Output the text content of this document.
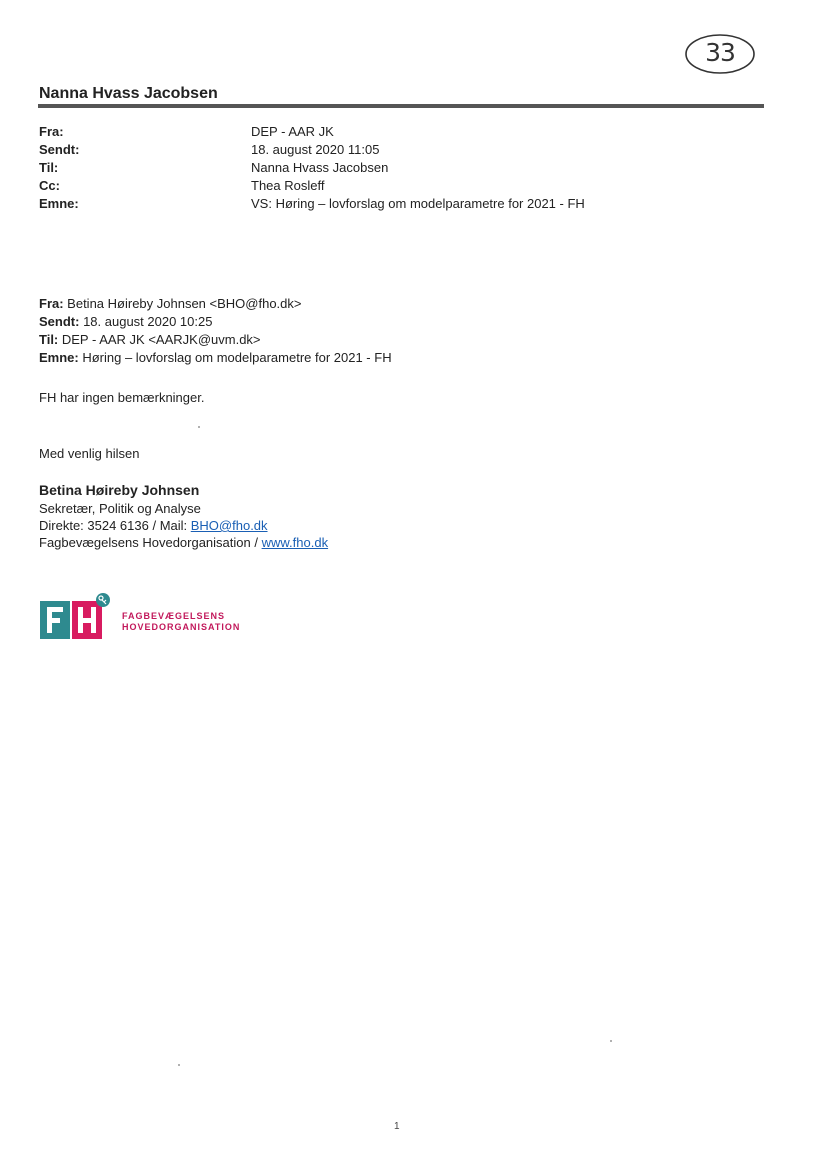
33
Nanna Hvass Jacobsen
Fra:	DEP - AAR JK
Sendt:	18. august 2020 11:05
Til:	Nanna Hvass Jacobsen
Cc:	Thea Rosleff
Emne:	VS: Høring – lovforslag om modelparametre for 2021 - FH
Fra: Betina Høireby Johnsen <BHO@fho.dk>
Sendt: 18. august 2020 10:25
Til: DEP - AAR JK <AARJK@uvm.dk>
Emne: Høring – lovforslag om modelparametre for 2021 - FH
FH har ingen bemærkninger.
Med venlig hilsen
Betina Høireby Johnsen
Sekretær, Politik og Analyse
Direkte: 3524 6136 / Mail: BHO@fho.dk
Fagbevægelsens Hovedorganisation / www.fho.dk
FAGBEVÆGELSENS
HOVEDORGANISATION
1
